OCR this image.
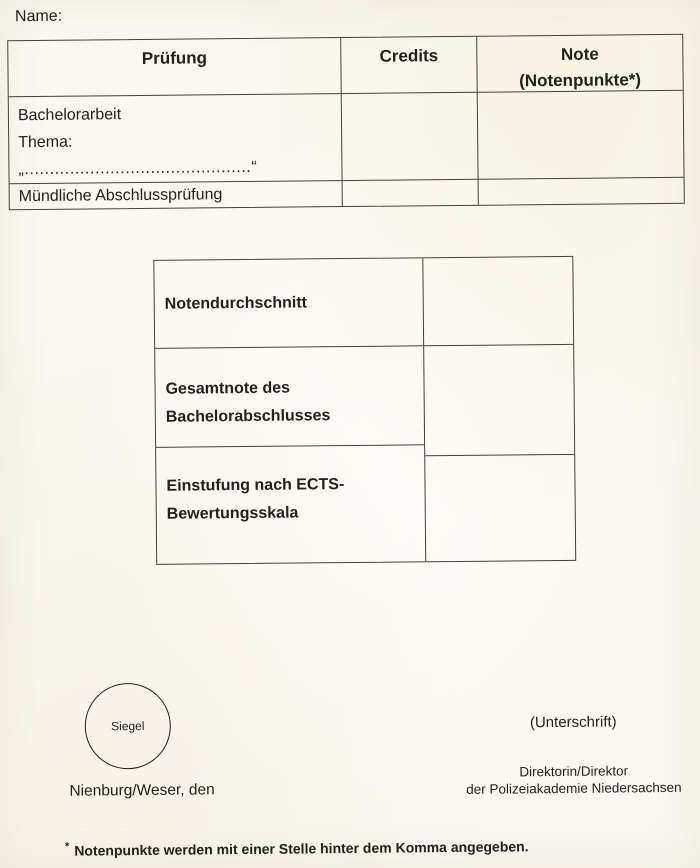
Name:
Prüfung	Credits	Note
(Notenpunkte*)
Bachelorarbeit
Thema:
„.............................................“
Mündliche Abschlussprüfung
Notendurchschnitt
Gesamtnote des
Bachelorabschlusses
Einstufung nach ECTS-
Bewertungsskala
Siegel
Nienburg/Weser, den
(Unterschrift)
Direktorin/Direktor
der Polizeiakademie Niedersachsen
* Notenpunkte werden mit einer Stelle hinter dem Komma angegeben.
